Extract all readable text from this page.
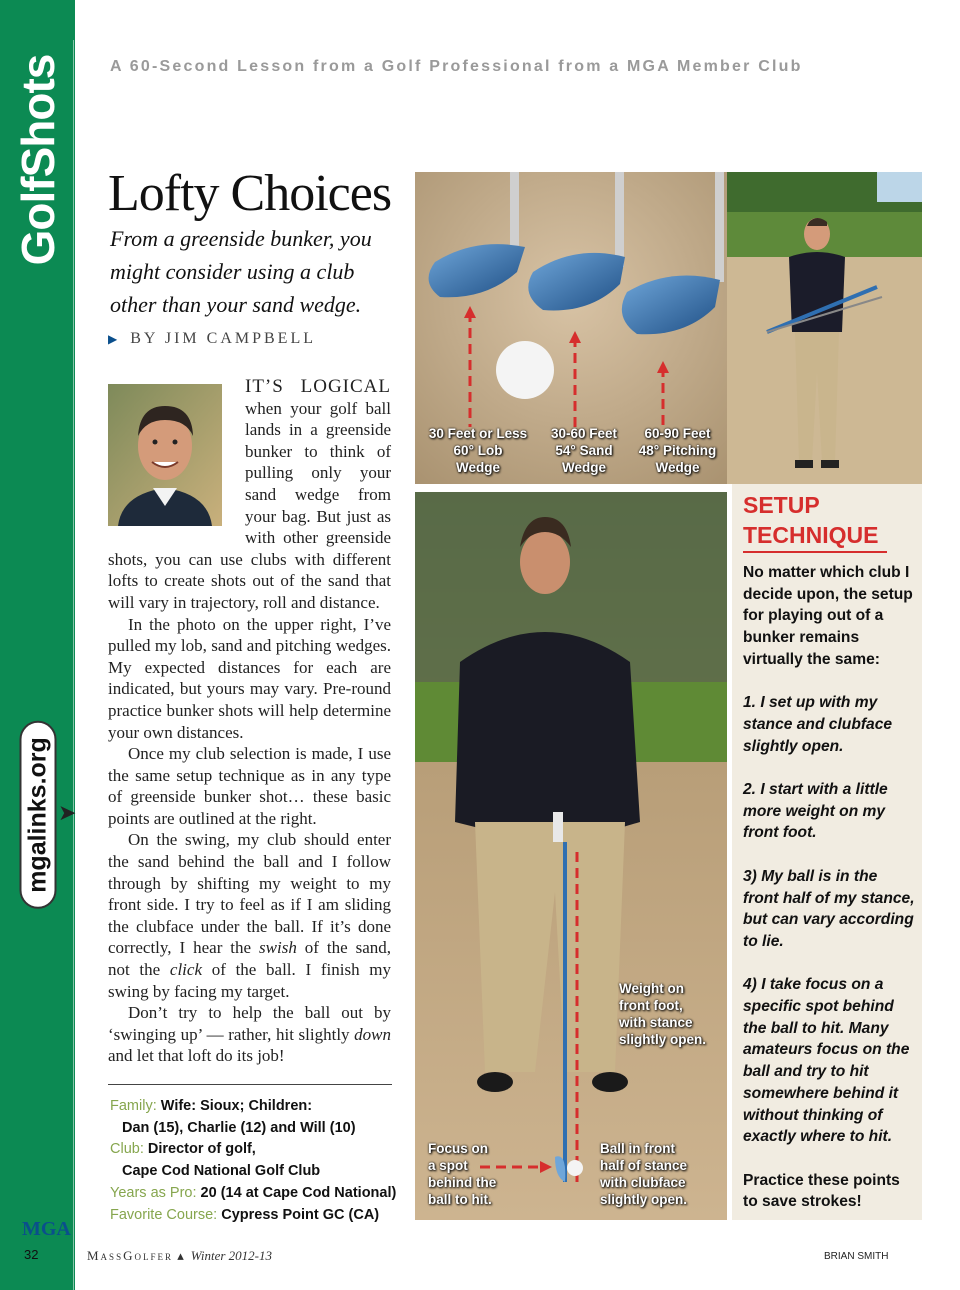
GolfShots
mgalinks.org ➤
MGA
32
A 60-Second Lesson from a Golf Professional from a MGA Member Club
Lofty Choices
From a greenside bunker, you might consider using a club other than your sand wedge.
▶ BY JIM CAMPBELL

IT’S LOGICAL when your golf ball lands in a greenside bunker to think of pulling only your sand wedge from your bag. But just as with other greenside shots, you can use clubs with different lofts to create shots out of the sand that will vary in trajectory, roll and distance.

In the photo on the upper right, I’ve pulled my lob, sand and pitching wedges. My expected distances for each are indicated, but yours may vary. Pre-round practice bunker shots will help determine your own distances.

Once my club selection is made, I use the same setup technique as in any type of greenside bunker shot… these basic points are outlined at the right.

On the swing, my club should enter the sand behind the ball and I follow through by shifting my weight to my front side. I try to feel as if I am sliding the clubface under the ball. If it’s done correctly, I hear the swish of the sand, not the click of the ball. I finish my swing by facing my target.

Don’t try to help the ball out by ‘swinging up’ — rather, hit slightly down and let that loft do its job!

Family: Wife: Sioux; Children:
Dan (15), Charlie (12) and Will (10)
Club: Director of golf,
Cape Cod National Golf Club
Years as Pro: 20 (14 at Cape Cod National)
Favorite Course: Cypress Point GC (CA)
30 Feet or Less
60° Lob
Wedge
30-60 Feet
54° Sand
Wedge
60-90 Feet
48° Pitching
Wedge
Weight on
front foot,
with stance
slightly open.
Focus on
a spot
behind the
ball to hit.
Ball in front
half of stance
with clubface
slightly open.
SETUP TECHNIQUE

No matter which club I decide upon, the setup for playing out of a bunker remains virtually the same:

1. I set up with my stance and clubface slightly open.

2. I start with a little more weight on my front foot.

3) My ball is in the front half of my stance, but can vary according to lie.

4) I take focus on a specific spot behind the ball to hit. Many amateurs focus on the ball and try to hit somewhere behind it without thinking of exactly where to hit.

Practice these points to save strokes!

MassGolfer ▴ Winter 2012-13	BRIAN SMITH
